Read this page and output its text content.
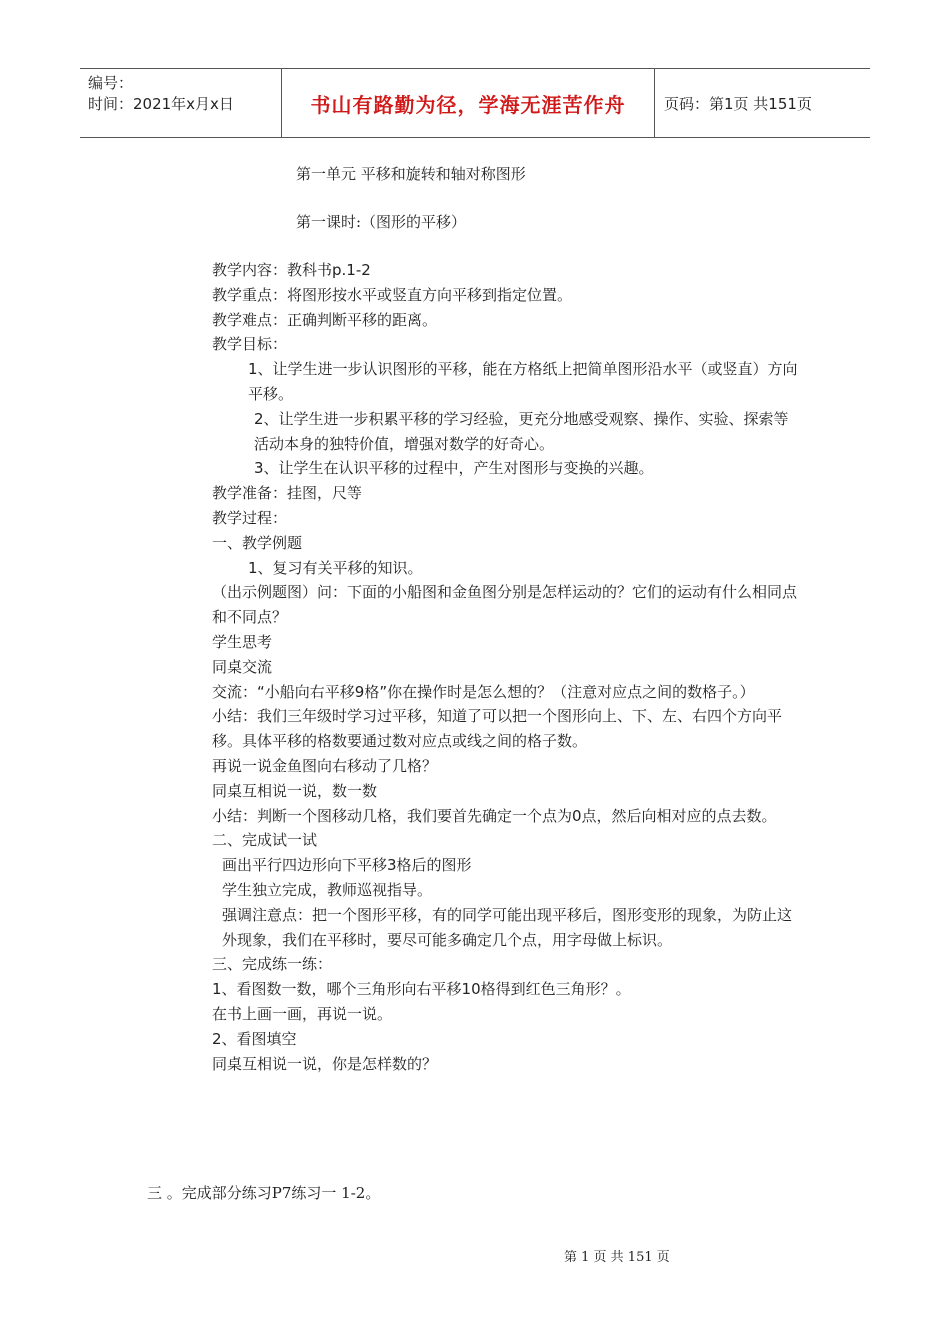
编号：
时间：2021年x月x日	书山有路勤为径，学海无涯苦作舟	页码：第1页 共151页
第一单元 平移和旋转和轴对称图形
第一课时:（图形的平移）

教学内容：教科书p.1-2

教学重点：将图形按水平或竖直方向平移到指定位置。

教学难点：正确判断平移的距离。

教学目标：

1、让学生进一步认识图形的平移，能在方格纸上把简单图形沿水平（或竖直）方向平移。

2、让学生进一步积累平移的学习经验，更充分地感受观察、操作、实验、探索等活动本身的独特价值，增强对数学的好奇心。

3、让学生在认识平移的过程中，产生对图形与变换的兴趣。

教学准备：挂图，尺等

教学过程：

一、教学例题

1、复习有关平移的知识。

（出示例题图）问：下面的小船图和金鱼图分别是怎样运动的？它们的运动有什么相同点和不同点？

学生思考

同桌交流

交流：“小船向右平移9格”你在操作时是怎么想的？（注意对应点之间的数格子。）

小结：我们三年级时学习过平移，知道了可以把一个图形向上、下、左、右四个方向平移。具体平移的格数要通过数对应点或线之间的格子数。

再说一说金鱼图向右移动了几格？

同桌互相说一说，数一数

小结：判断一个图移动几格，我们要首先确定一个点为0点，然后向相对应的点去数。

二、完成试一试

画出平行四边形向下平移3格后的图形

学生独立完成，教师巡视指导。

强调注意点：把一个图形平移，有的同学可能出现平移后，图形变形的现象，为防止这外现象，我们在平移时，要尽可能多确定几个点，用字母做上标识。

三、完成练一练：

1、看图数一数，哪个三角形向右平移10格得到红色三角形？。

在书上画一画，再说一说。

2、看图填空

同桌互相说一说，你是怎样数的？

三 。完成部分练习P7练习一 1-2。
第 1 页 共 151 页
